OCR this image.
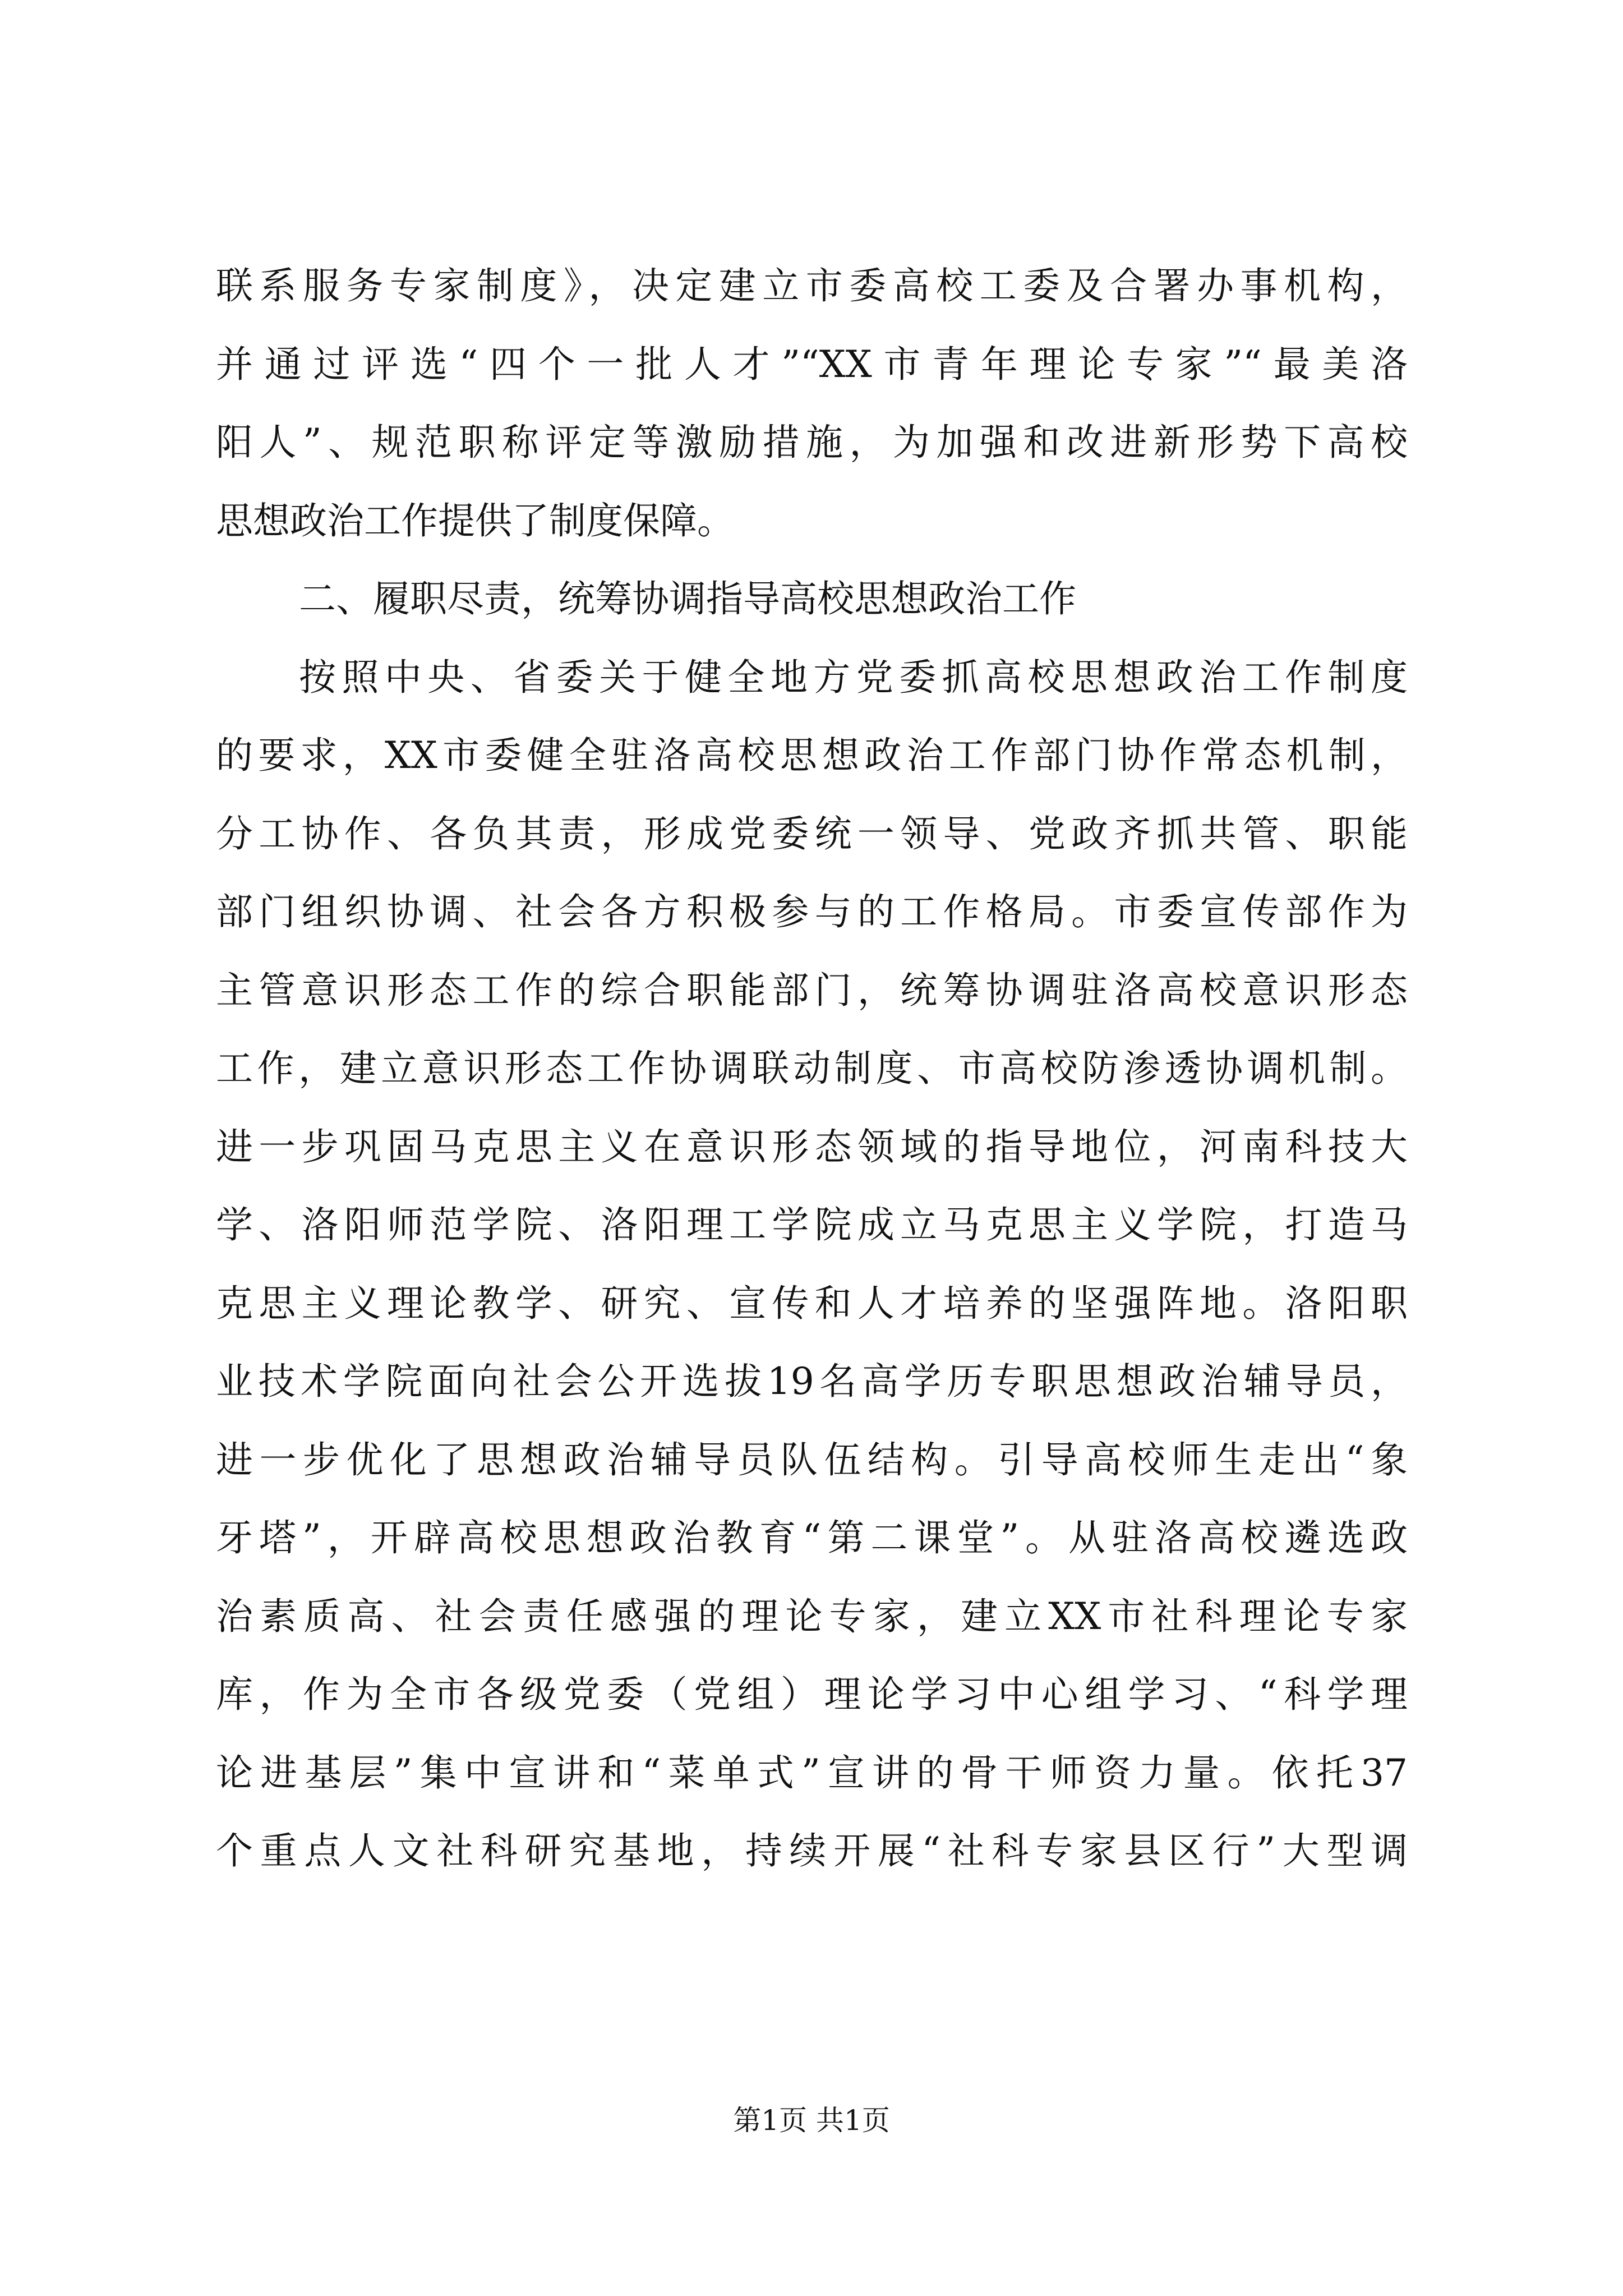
联系服务专家制度》，决定建立市委高校工委及合署办事机构，
并通过评选“四个一批人才”“XX市青年理论专家”“最美洛
阳人”、规范职称评定等激励措施，为加强和改进新形势下高校
思想政治工作提供了制度保障。
二、履职尽责，统筹协调指导高校思想政治工作
按照中央、省委关于健全地方党委抓高校思想政治工作制度
的要求，XX市委健全驻洛高校思想政治工作部门协作常态机制，
分工协作、各负其责，形成党委统一领导、党政齐抓共管、职能
部门组织协调、社会各方积极参与的工作格局。市委宣传部作为
主管意识形态工作的综合职能部门，统筹协调驻洛高校意识形态
工作，建立意识形态工作协调联动制度、市高校防渗透协调机制。
进一步巩固马克思主义在意识形态领域的指导地位，河南科技大
学、洛阳师范学院、洛阳理工学院成立马克思主义学院，打造马
克思主义理论教学、研究、宣传和人才培养的坚强阵地。洛阳职
业技术学院面向社会公开选拔19名高学历专职思想政治辅导员，
进一步优化了思想政治辅导员队伍结构。引导高校师生走出“象
牙塔”，开辟高校思想政治教育“第二课堂”。从驻洛高校遴选政
治素质高、社会责任感强的理论专家，建立XX市社科理论专家
库，作为全市各级党委（党组）理论学习中心组学习、“科学理
论进基层”集中宣讲和“菜单式”宣讲的骨干师资力量。依托37
个重点人文社科研究基地，持续开展“社科专家县区行”大型调
第1页 共1页
